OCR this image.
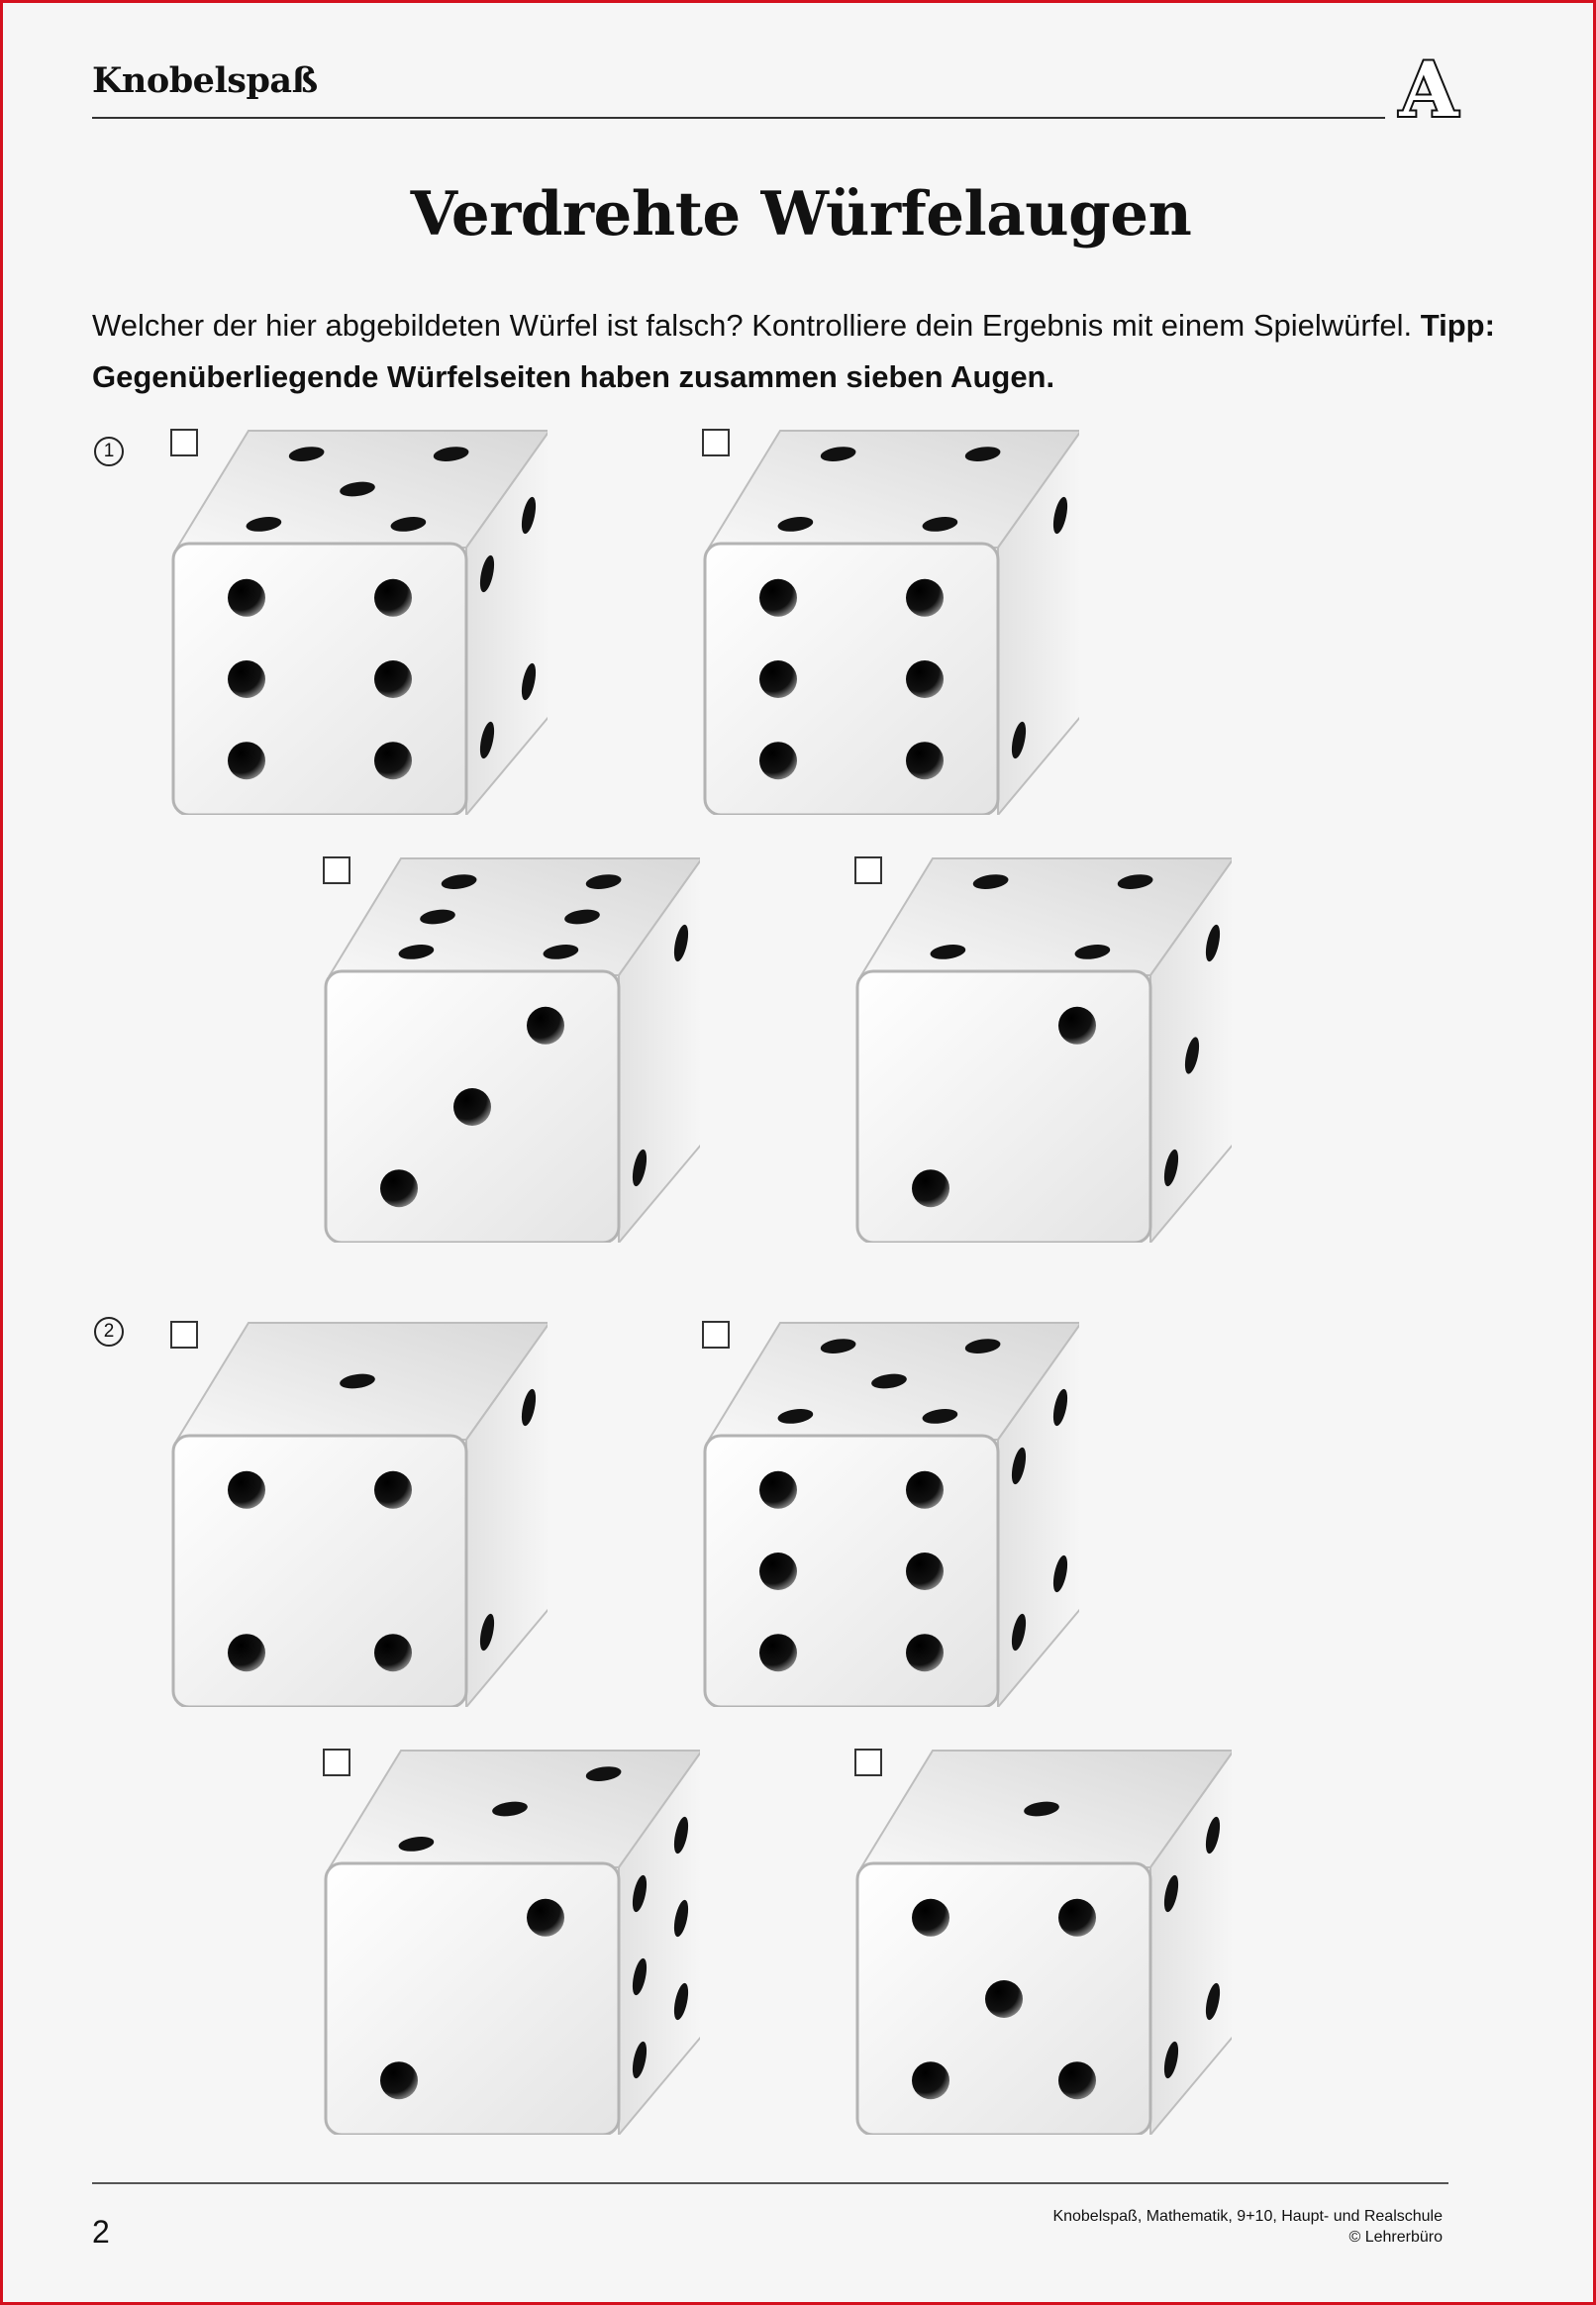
Knobelspaß	A
Verdrehte Würfelaugen
Welcher der hier abgebildeten Würfel ist falsch? Kontrolliere dein Ergebnis mit einem Spielwürfel. Tipp: Gegenüberliegende Würfelseiten haben zusammen sieben Augen.
1
2
2	Knobelspaß, Mathematik, 9+10, Haupt- und Realschule
© Lehrerbüro
